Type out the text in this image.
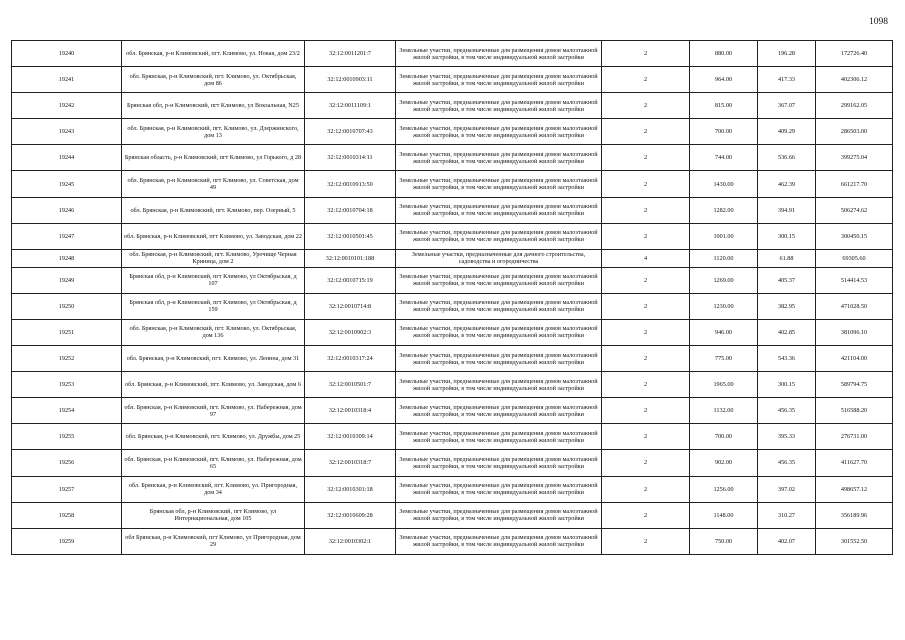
1098
19240	обл. Брянская, р-н Климовский, пгт. Климово, ул. Новая, дом 23/2	32:12:0011201:7	Земельные участки, предназначенные для размещения домов малоэтажной жилой застройки, в том числе индивидуальной жилой застройки	2	880.00	196.28	172726.40
19241	обл. Брянская, р-н Климовский, пгт. Климово, ул. Октябрьская, дом 86	32:12:0010903:11	Земельные участки, предназначенные для размещения домов малоэтажной жилой застройки, в том числе индивидуальной жилой застройки	2	964.00	417.33	402306.12
19242	Брянская обл, р-н Климовский, пгт Климово, ул Вокзальная, N25	32:12:0011109:1	Земельные участки, предназначенные для размещения домов малоэтажной жилой застройки, в том числе индивидуальной жилой застройки	2	815.00	367.07	299162.05
19243	обл. Брянская, р-н Климовский, пгт. Климово, ул. Дзержинского, дом 13	32:12:0010707:43	Земельные участки, предназначенные для размещения домов малоэтажной жилой застройки, в том числе индивидуальной жилой застройки	2	700.00	409.29	286503.00
19244	Брянская область, р-н Климовский, пгт Климово, ул Горького, д 28	32:12:0010314:11	Земельные участки, предназначенные для размещения домов малоэтажной жилой застройки, в том числе индивидуальной жилой застройки	2	744.00	536.66	399275.04
19245	обл. Брянская, р-н Климовский, пгт Климово, ул. Советская, дом 49	32:12:0010913:50	Земельные участки, предназначенные для размещения домов малоэтажной жилой застройки, в том числе индивидуальной жилой застройки	2	1430.00	462.39	661217.70
19246	обл. Брянская, р-н Климовский, пгт. Климово, пер. Озерный, 5	32:12:0010704:18	Земельные участки, предназначенные для размещения домов малоэтажной жилой застройки, в том числе индивидуальной жилой застройки	2	1282.00	394.91	506274.62
19247	обл. Брянская, р-н Климовский, пгт Климово, ул. Заводская, дом 22	32:12:0010501:45	Земельные участки, предназначенные для размещения домов малоэтажной жилой застройки, в том числе индивидуальной жилой застройки	2	1001.00	300.15	300450.15
19248	обл. Брянская, р-н Климовский, пгт. Климово, Урочище Черная Криница, дом 2	32:12:0010101:188	Земельные участки, предназначенные для дачного строительства, садоводства и огородничества	4	1120.00	61.88	69305.60
19249	Брянская обл, р-н Климовский, пгт Климово, ул Октябрьская, д 107	32:12:0010715:19	Земельные участки, предназначенные для размещения домов малоэтажной жилой застройки, в том числе индивидуальной жилой застройки	2	1269.00	405.37	514414.53
19250	Брянская обл, р-н Климовский, пгт Климово, ул Октябрьская, д 159	32:12:0010714:8	Земельные участки, предназначенные для размещения домов малоэтажной жилой застройки, в том числе индивидуальной жилой застройки	2	1230.00	382.95	471028.50
19251	обл. Брянская, р-н Климовский, пгт. Климово, ул. Октябрьская, дом 136	32:12:0010902:3	Земельные участки, предназначенные для размещения домов малоэтажной жилой застройки, в том числе индивидуальной жилой застройки	2	946.00	402.85	381096.10
19252	обл. Брянская, р-н Климовский, пгт. Климово, ул. Ленина, дом 31	32:12:0010317:24	Земельные участки, предназначенные для размещения домов малоэтажной жилой застройки, в том числе индивидуальной жилой застройки	2	775.00	543.36	421104.00
19253	обл. Брянская, р-н Климовский, пгт. Климово, ул. Заводская, дом 6	32:12:0010501:7	Земельные участки, предназначенные для размещения домов малоэтажной жилой застройки, в том числе индивидуальной жилой застройки	2	1965.00	300.15	589794.75
19254	обл. Брянская, р-н Климовский, пгт. Климово, ул. Набережная, дом 97	32:12:0010318:4	Земельные участки, предназначенные для размещения домов малоэтажной жилой застройки, в том числе индивидуальной жилой застройки	2	1132.00	456.35	516588.20
19255	обл. Брянская, р-н Климовский, пгт. Климово, ул. Дружбы, дом 25	32:12:0010309:14	Земельные участки, предназначенные для размещения домов малоэтажной жилой застройки, в том числе индивидуальной жилой застройки	2	700.00	395.33	276731.00
19256	обл. Брянская, р-н Климовский, пгт. Климово, ул. Набережная, дом 65	32:12:0010318:7	Земельные участки, предназначенные для размещения домов малоэтажной жилой застройки, в том числе индивидуальной жилой застройки	2	902.00	456.35	411627.70
19257	обл. Брянская, р-н Климовский, пгт. Климово, ул. Пригородная, дом 34	32:12:0010301:18	Земельные участки, предназначенные для размещения домов малоэтажной жилой застройки, в том числе индивидуальной жилой застройки	2	1256.00	397.02	498657.12
19258	Брянская обл, р-н Климовский, пгт Климово, ул Интернациональная, дом 105	32:12:0010609:28	Земельные участки, предназначенные для размещения домов малоэтажной жилой застройки, в том числе индивидуальной жилой застройки	2	1148.00	310.27	356189.96
19259	обл Брянская, р-н Климовский, пгт Климово, ул Пригородная, дом 29	32:12:0010302:1	Земельные участки, предназначенные для размещения домов малоэтажной жилой застройки, в том числе индивидуальной жилой застройки	2	750.00	402.07	301552.50
